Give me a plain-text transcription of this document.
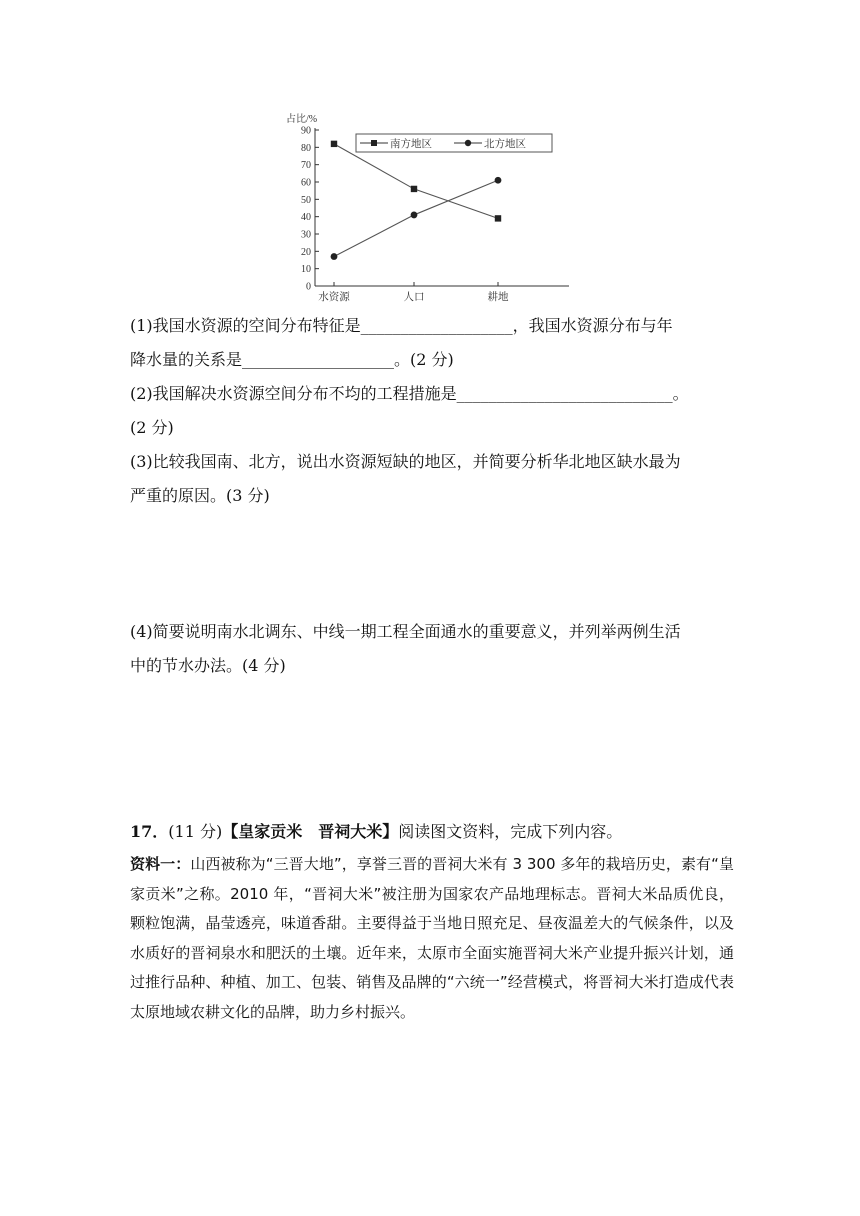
占比/%
0
10
20
30
40
50
60
70
80
90
水资源	人口	耕地
南方地区	北方地区
(1)我国水资源的空间分布特征是___________________，我国水资源分布与年
降水量的关系是___________________。(2 分)
(2)我国解决水资源空间分布不均的工程措施是___________________________。
(2 分)
(3)比较我国南、北方，说出水资源短缺的地区，并简要分析华北地区缺水最为
严重的原因。(3 分)
(4)简要说明南水北调东、中线一期工程全面通水的重要意义，并列举两例生活
中的节水办法。(4 分)
17．(11 分)【皇家贡米　晋祠大米】阅读图文资料，完成下列内容。
资料一：山西被称为“三晋大地”，享誉三晋的晋祠大米有 3 300 多年的栽培历史，素有“皇家贡米”之称。2010 年，“晋祠大米”被注册为国家农产品地理标志。晋祠大米品质优良，颗粒饱满，晶莹透亮，味道香甜。主要得益于当地日照充足、昼夜温差大的气候条件，以及水质好的晋祠泉水和肥沃的土壤。近年来，太原市全面实施晋祠大米产业提升振兴计划，通过推行品种、种植、加工、包装、销售及品牌的“六统一”经营模式，将晋祠大米打造成代表太原地域农耕文化的品牌，助力乡村振兴。
